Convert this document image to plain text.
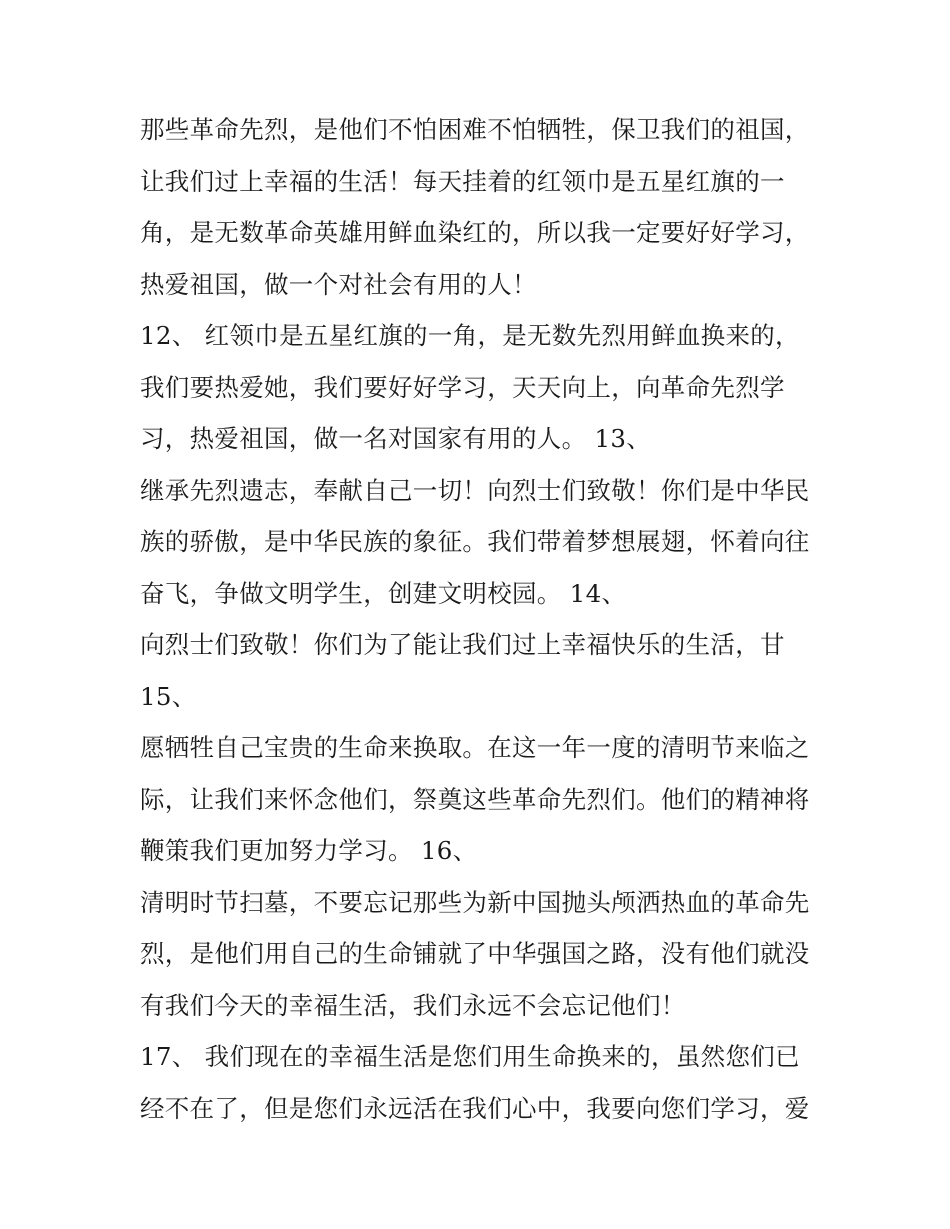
那些革命先烈，是他们不怕困难不怕牺牲，保卫我们的祖国，
让我们过上幸福的生活！每天挂着的红领巾是五星红旗的一
角，是无数革命英雄用鲜血染红的，所以我一定要好好学习，
热爱祖国，做一个对社会有用的人！
12、 红领巾是五星红旗的一角，是无数先烈用鲜血换来的，
我们要热爱她，我们要好好学习，天天向上，向革命先烈学
习，热爱祖国，做一名对国家有用的人。 13、
继承先烈遗志，奉献自己一切！向烈士们致敬！你们是中华民
族的骄傲，是中华民族的象征。我们带着梦想展翅，怀着向往
奋飞，争做文明学生，创建文明校园。 14、
向烈士们致敬！你们为了能让我们过上幸福快乐的生活，甘
15、
愿牺牲自己宝贵的生命来换取。在这一年一度的清明节来临之
际，让我们来怀念他们，祭奠这些革命先烈们。他们的精神将
鞭策我们更加努力学习。 16、
清明时节扫墓，不要忘记那些为新中国抛头颅洒热血的革命先
烈，是他们用自己的生命铺就了中华强国之路，没有他们就没
有我们今天的幸福生活，我们永远不会忘记他们！
17、 我们现在的幸福生活是您们用生命换来的，虽然您们已
经不在了，但是您们永远活在我们心中，我要向您们学习，爱
